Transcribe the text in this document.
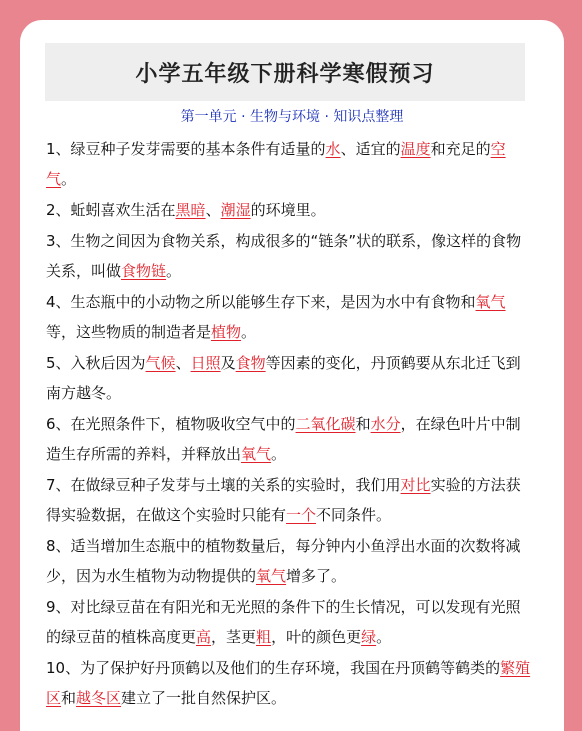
小学五年级下册科学寒假预习
第一单元 · 生物与环境 · 知识点整理
1、绿豆种子发芽需要的基本条件有适量的水、适宜的温度和充足的空气。
2、蚯蚓喜欢生活在黑暗、潮湿的环境里。
3、生物之间因为食物关系，构成很多的“链条”状的联系，像这样的食物关系，叫做食物链。
4、生态瓶中的小动物之所以能够生存下来，是因为水中有食物和氧气等，这些物质的制造者是植物。
5、入秋后因为气候、日照及食物等因素的变化，丹顶鹤要从东北迁飞到南方越冬。
6、在光照条件下，植物吸收空气中的二氧化碳和水分，在绿色叶片中制造生存所需的养料，并释放出氧气。
7、在做绿豆种子发芽与土壤的关系的实验时，我们用对比实验的方法获得实验数据，在做这个实验时只能有一个不同条件。
8、适当增加生态瓶中的植物数量后，每分钟内小鱼浮出水面的次数将减少，因为水生植物为动物提供的氧气增多了。
9、对比绿豆苗在有阳光和无光照的条件下的生长情况，可以发现有光照的绿豆苗的植株高度更高，茎更粗，叶的颜色更绿。
10、为了保护好丹顶鹤以及他们的生存环境，我国在丹顶鹤等鹤类的繁殖区和越冬区建立了一批自然保护区。
